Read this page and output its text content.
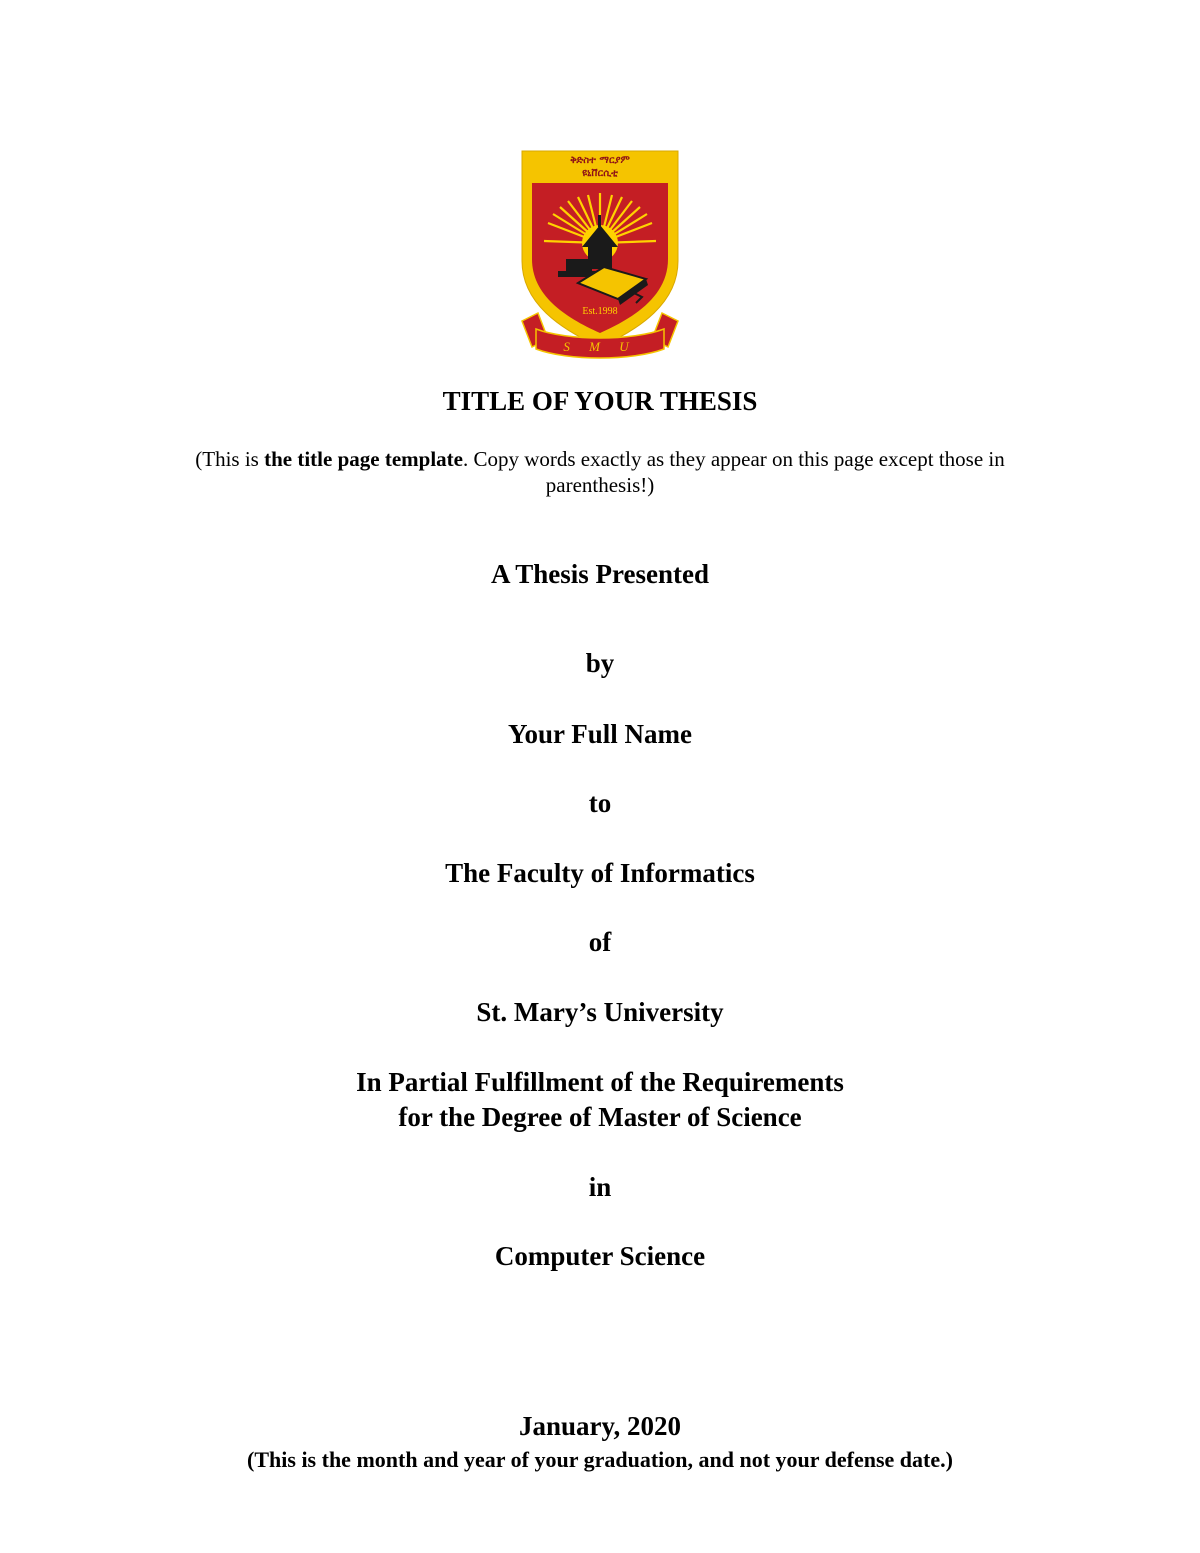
ቅድስተ ማርያም
ዩኒቨርሲቲ
Est.1998
S M U
TITLE OF YOUR THESIS
(This is the title page template. Copy words exactly as they appear on this page except those in
parenthesis!)
A Thesis Presented
by
Your Full Name
to
The Faculty of Informatics
of
St. Mary’s University
In Partial Fulfillment of the Requirements
for the Degree of Master of Science
in
Computer Science
January, 2020
(This is the month and year of your graduation, and not your defense date.)
